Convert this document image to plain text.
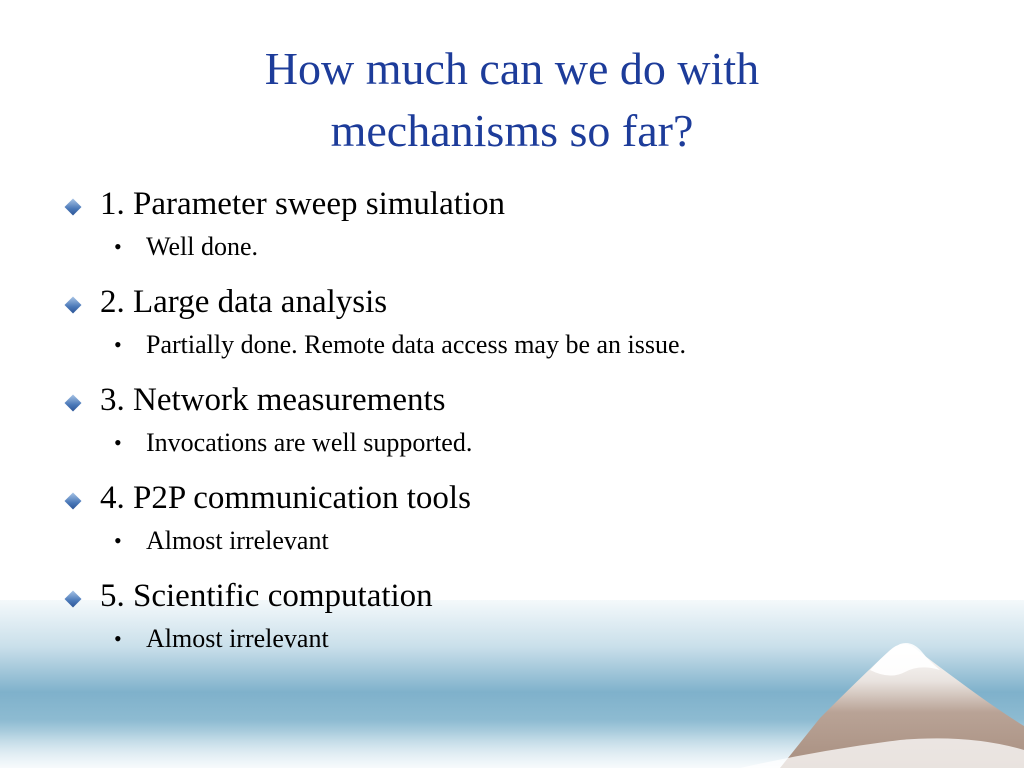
How much can we do with
mechanisms so far?
1. Parameter sweep simulation
• Well done.
2. Large data analysis
• Partially done. Remote data access may be an issue.
3. Network measurements
• Invocations are well supported.
4. P2P communication tools
• Almost irrelevant
5. Scientific computation
• Almost irrelevant
